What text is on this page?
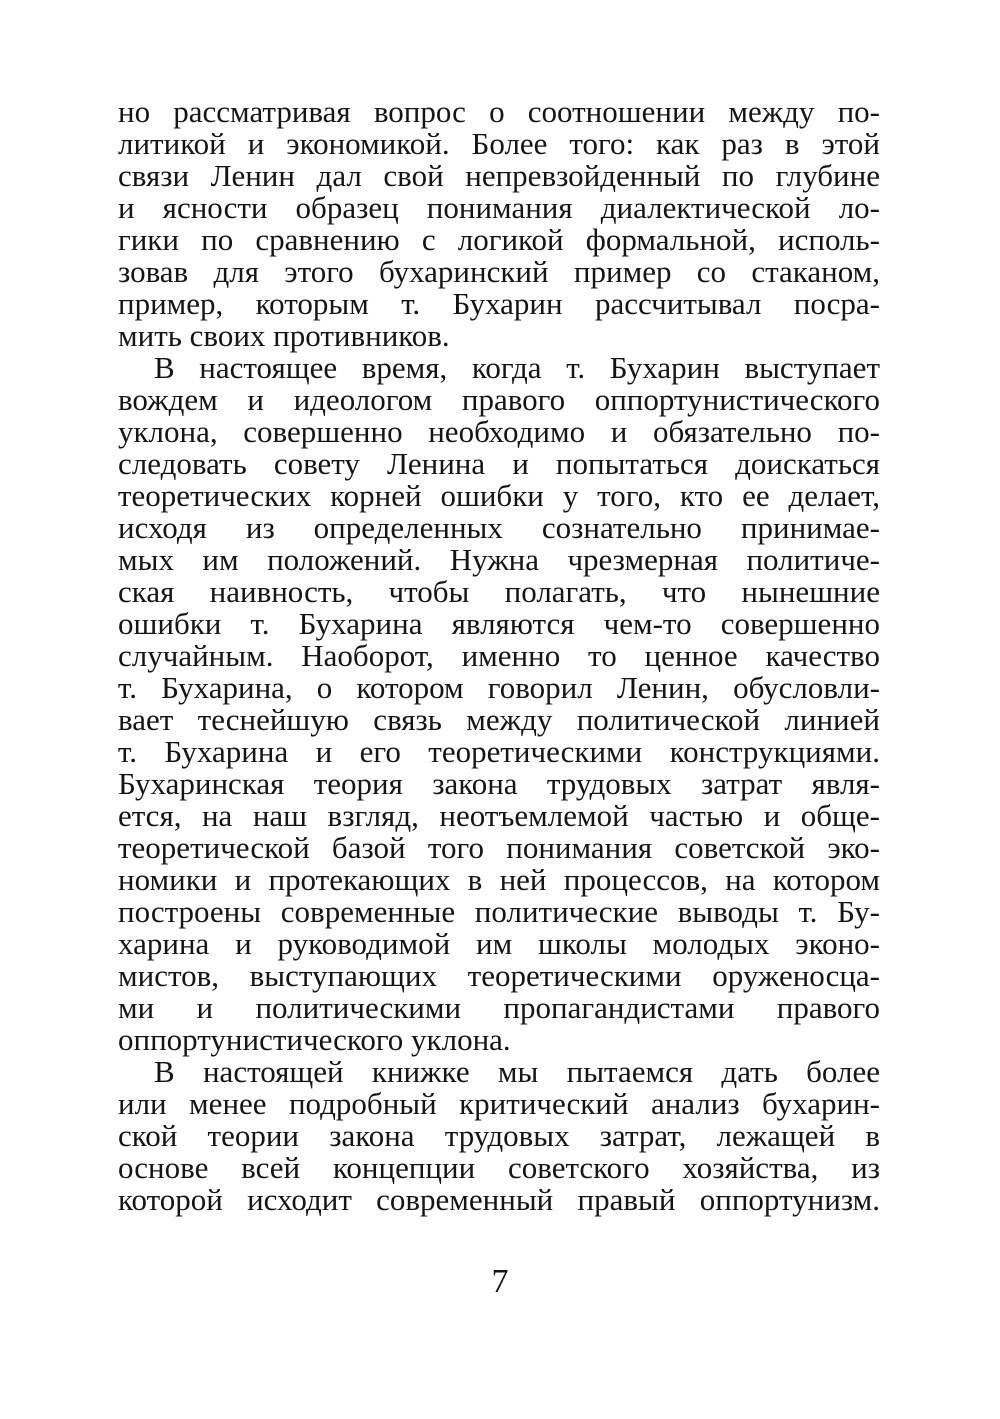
но рассматривая вопрос о соотношении между по-
литикой и экономикой. Более того: как раз в этой
связи Ленин дал свой непревзойденный по глубине
и ясности образец понимания диалектической ло-
гики по сравнению с логикой формальной, исполь-
зовав для этого бухаринский пример со стаканом,
пример, которым т. Бухарин рассчитывал посра-
мить своих противников.
В настоящее время, когда т. Бухарин выступает
вождем и идеологом правого оппортунистического
уклона, совершенно необходимо и обязательно по-
следовать совету Ленина и попытаться доискаться
теоретических корней ошибки у того, кто ее делает,
исходя из определенных сознательно принимае-
мых им положений. Нужна чрезмерная политиче-
ская наивность, чтобы полагать, что нынешние
ошибки т. Бухарина являются чем-то совершенно
случайным. Наоборот, именно то ценное качество
т. Бухарина, о котором говорил Ленин, обусловли-
вает теснейшую связь между политической линией
т. Бухарина и его теоретическими конструкциями.
Бухаринская теория закона трудовых затрат явля-
ется, на наш взгляд, неотъемлемой частью и обще-
теоретической базой того понимания советской эко-
номики и протекающих в ней процессов, на котором
построены современные политические выводы т. Бу-
харина и руководимой им школы молодых эконо-
мистов, выступающих теоретическими оруженосца-
ми и политическими пропагандистами правого
оппортунистического уклона.
В настоящей книжке мы пытаемся дать более
или менее подробный критический анализ бухарин-
ской теории закона трудовых затрат, лежащей в
основе всей концепции советского хозяйства, из
которой исходит современный правый оппортунизм.
7
